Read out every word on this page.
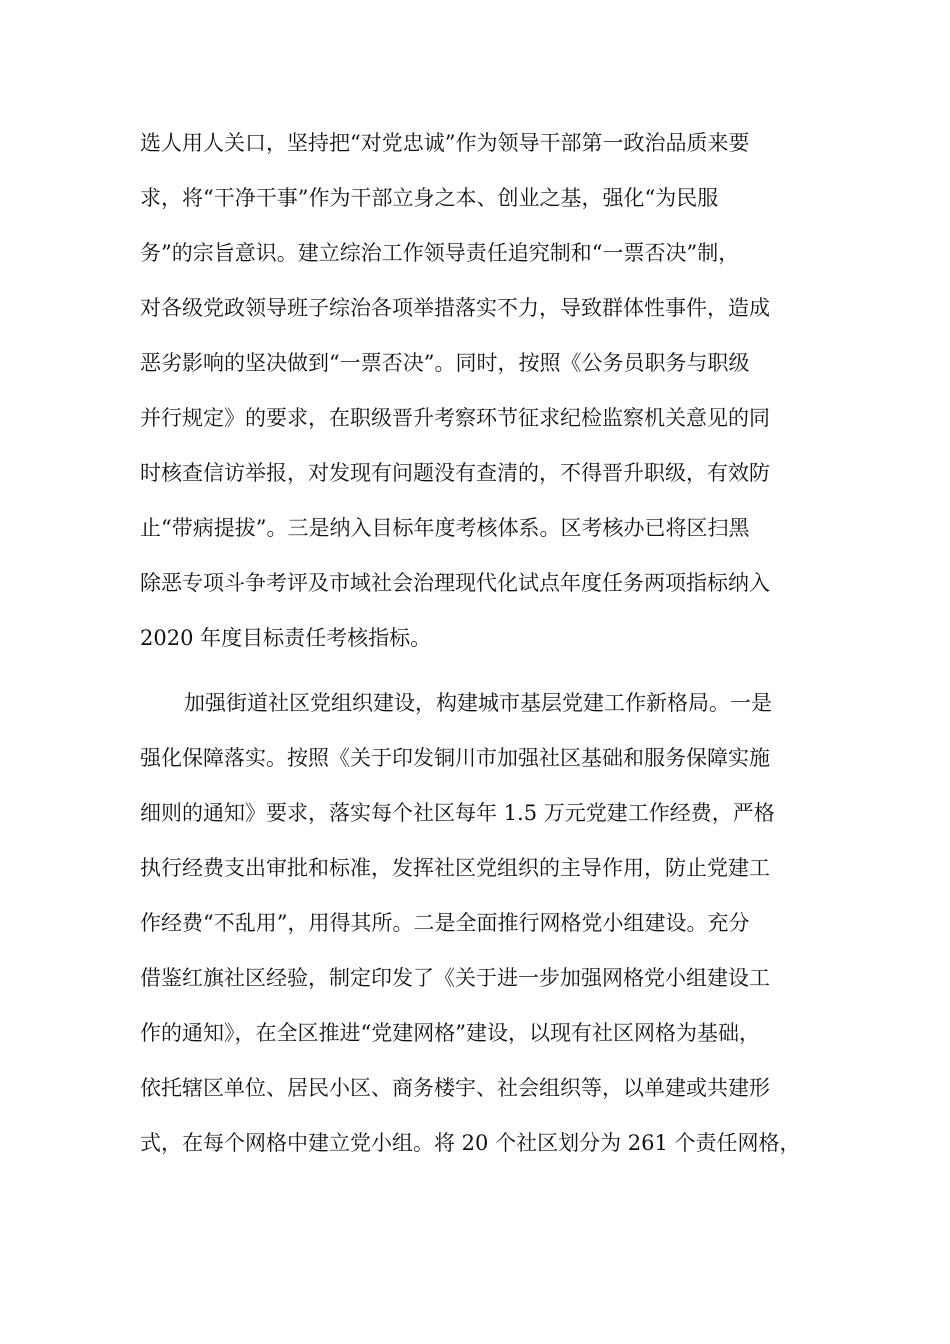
选人用人关口，坚持把“对党忠诚”作为领导干部第一政治品质来要
求，将“干净干事”作为干部立身之本、创业之基，强化“为民服
务”的宗旨意识。建立综治工作领导责任追究制和“一票否决”制，
对各级党政领导班子综治各项举措落实不力，导致群体性事件，造成
恶劣影响的坚决做到“一票否决”。同时，按照《公务员职务与职级
并行规定》的要求，在职级晋升考察环节征求纪检监察机关意见的同
时核查信访举报，对发现有问题没有查清的，不得晋升职级，有效防
止“带病提拔”。三是纳入目标年度考核体系。区考核办已将区扫黑
除恶专项斗争考评及市域社会治理现代化试点年度任务两项指标纳入
2020 年度目标责任考核指标。
加强街道社区党组织建设，构建城市基层党建工作新格局。一是
强化保障落实。按照《关于印发铜川市加强社区基础和服务保障实施
细则的通知》要求，落实每个社区每年 1.5 万元党建工作经费，严格
执行经费支出审批和标准，发挥社区党组织的主导作用，防止党建工
作经费“不乱用”，用得其所。二是全面推行网格党小组建设。充分
借鉴红旗社区经验，制定印发了《关于进一步加强网格党小组建设工
作的通知》，在全区推进“党建网格”建设，以现有社区网格为基础，
依托辖区单位、居民小区、商务楼宇、社会组织等，以单建或共建形
式，在每个网格中建立党小组。将 20 个社区划分为 261 个责任网格，
